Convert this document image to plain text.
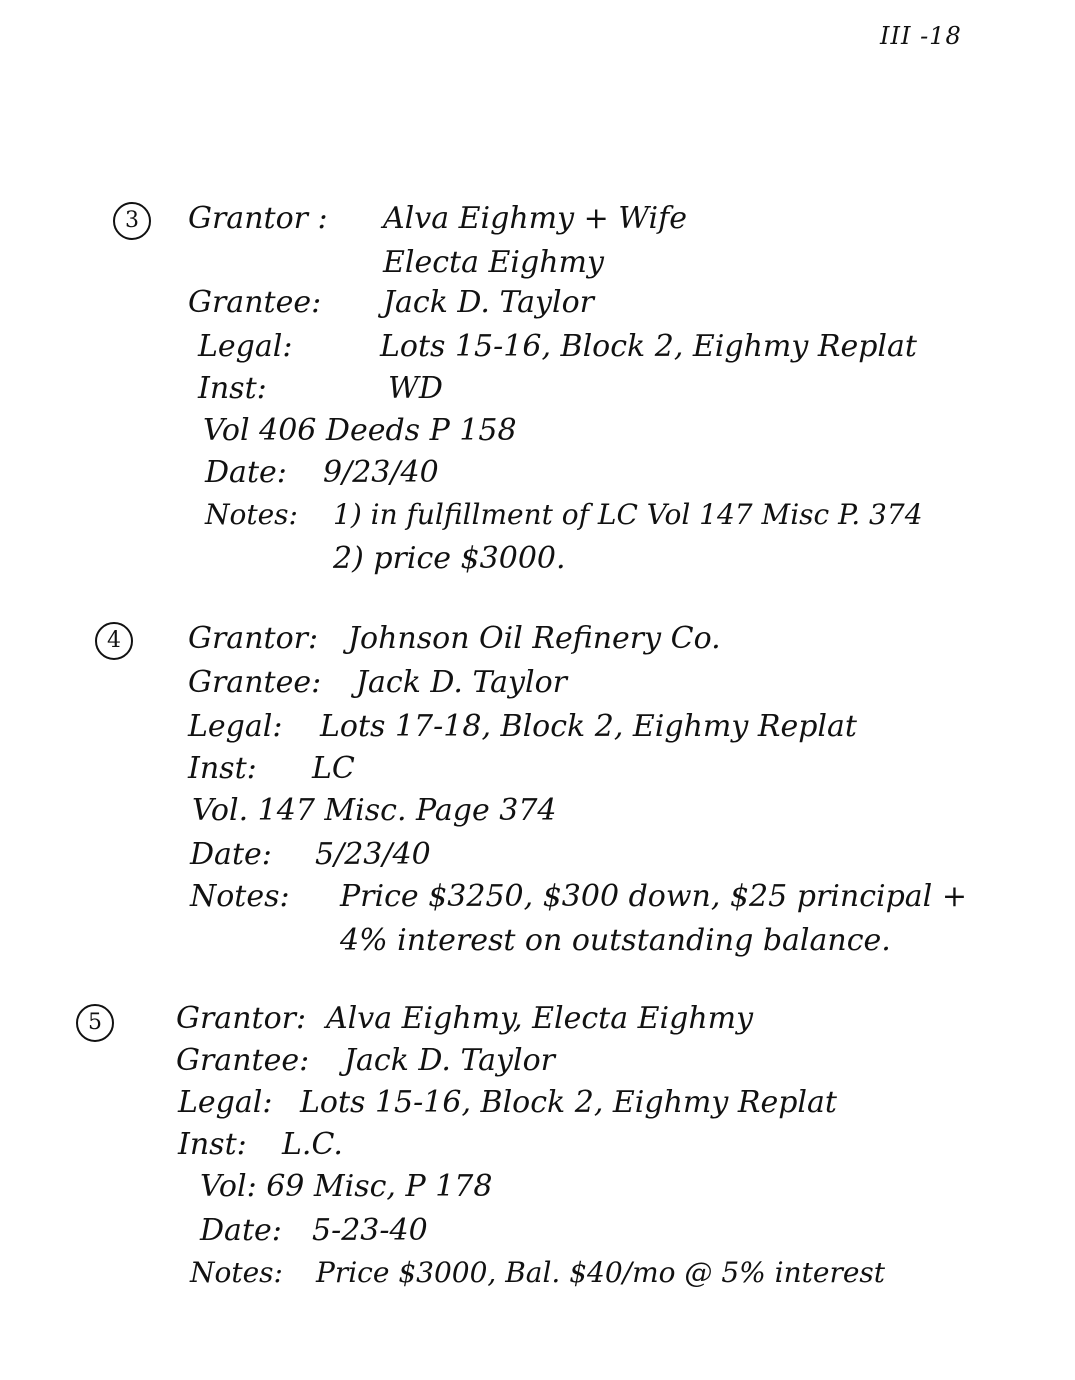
III -18
3	Grantor : Alva Eighmy + Wife
Electa Eighmy
Grantee: Jack D. Taylor
Legal:	Lots 15-16, Block 2, Eighmy Replat
Inst:	WD
Vol 406 Deeds P 158
Date: 9/23/40
Notes: 1) in fulfillment of LC Vol 147 Misc P. 374
2) price $3000.
4	Grantor: Johnson Oil Refinery Co.
Grantee: Jack D. Taylor
Legal: Lots 17-18, Block 2, Eighmy Replat
Inst: LC
Vol. 147 Misc. Page 374
Date: 5/23/40
Notes: Price $3250, $300 down, $25 principal +
4% interest on outstanding balance.
5	Grantor: Alva Eighmy, Electa Eighmy
Grantee: Jack D. Taylor
Legal: Lots 15-16, Block 2, Eighmy Replat
Inst: L.C.
Vol: 69 Misc, P 178
Date: 5-23-40
Notes: Price $3000, Bal. $40/mo @ 5% interest
